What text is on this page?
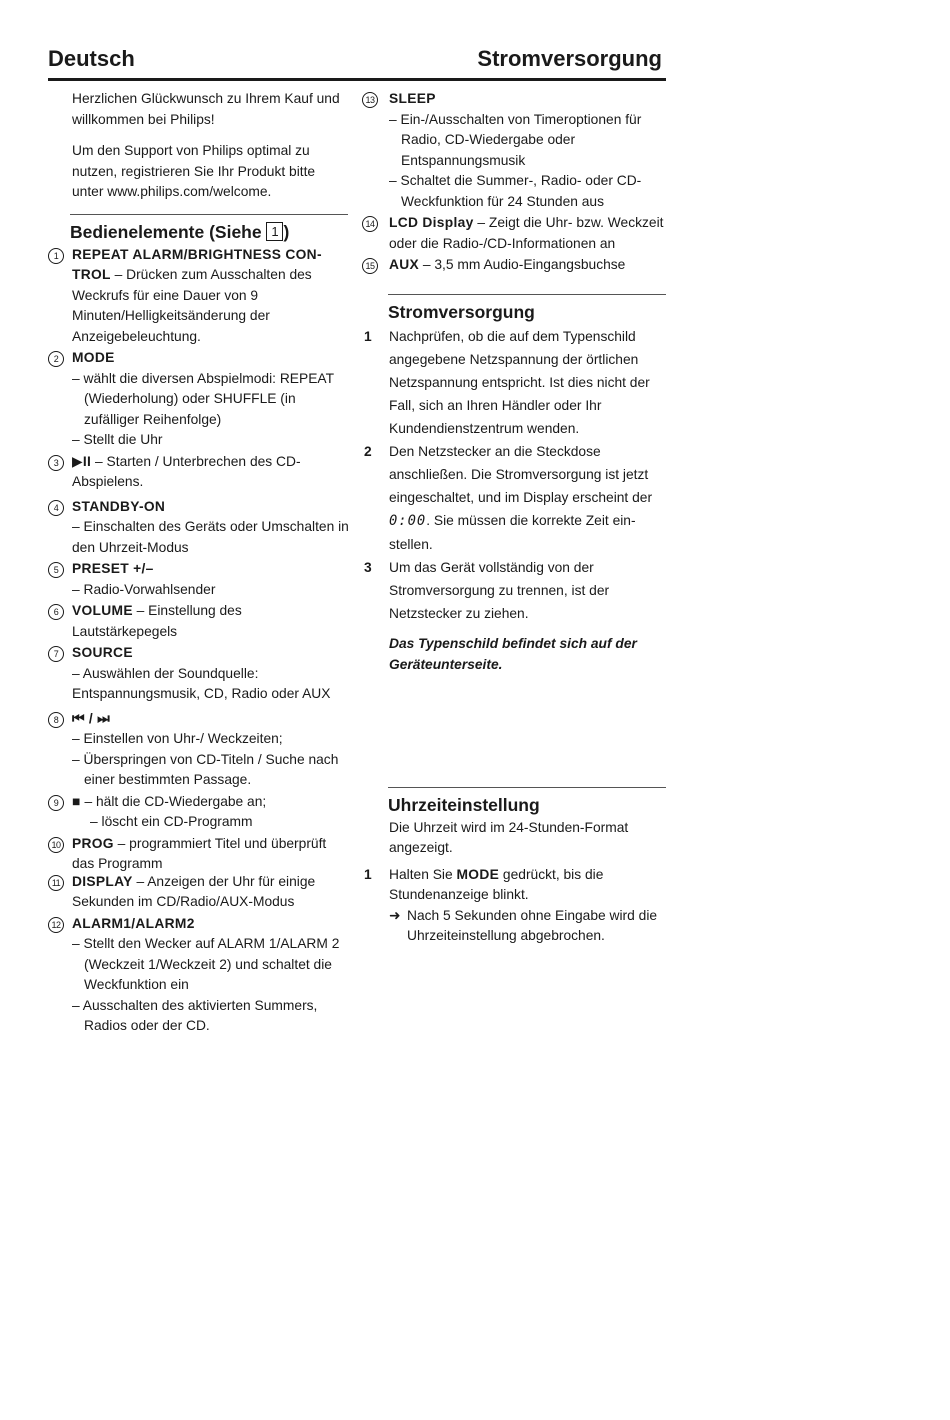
Deutsch	Stromversorgung

Herzlichen Glückwunsch zu Ihrem Kauf und willkommen bei Philips!

Um den Support von Philips optimal zu nutzen, registrieren Sie Ihr Produkt bitte unter www.philips.com/welcome.

Bedienelemente (Siehe 1 )
1 REPEAT ALARM/BRIGHTNESS CON-TROL – Drücken zum Ausschalten des Weckrufs für eine Dauer von 9 Minuten/Helligkeitsänderung der Anzeigebeleuchtung.

2 MODE

– wählt die diversen Abspielmodi: REPEAT (Wiederholung) oder SHUFFLE (in zufälliger Reihenfolge)

– Stellt die Uhr

3 ▶II – Starten / Unterbrechen des CD-Abspielens.

4 STANDBY-ON

– Einschalten des Geräts oder Umschalten in den Uhrzeit-Modus

5 PRESET +/–

– Radio-Vorwahlsender

6 VOLUME – Einstellung des Lautstärkepegels

7 SOURCE

– Auswählen der Soundquelle: Entspannungsmusik, CD, Radio oder AUX

8 ⏮ / ⏭

– Einstellen von Uhr-/ Weckzeiten;

– Überspringen von CD-Titeln / Suche nach einer bestimmten Passage.

9 ■ – hält die CD-Wiedergabe an;

– löscht ein CD-Programm

10 PROG – programmiert Titel und überprüft das Programm

11 DISPLAY – Anzeigen der Uhr für einige Sekunden im CD/Radio/AUX-Modus

12 ALARM1/ALARM2

– Stellt den Wecker auf ALARM 1/ALARM 2 (Weckzeit 1/Weckzeit 2) und schaltet die Weckfunktion ein

– Ausschalten des aktivierten Summers, Radios oder der CD.

13 SLEEP

– Ein-/Ausschalten von Timeroptionen für Radio, CD-Wiedergabe oder Entspannungsmusik

– Schaltet die Summer-, Radio- oder CD-Weckfunktion für 24 Stunden aus

14 LCD Display – Zeigt die Uhr- bzw. Weckzeit oder die Radio-/CD-Informationen an

15 AUX – 3,5 mm Audio-Eingangsbuchse

Stromversorgung
1 Nachprüfen, ob die auf dem Typenschild angegebene Netzspannung der örtlichen Netzspannung entspricht. Ist dies nicht der Fall, sich an Ihren Händler oder Ihr Kundendienstzentrum wenden.

2 Den Netzstecker an die Steckdose anschließen. Die Stromversorgung ist jetzt eingeschaltet, und im Display erscheint der 0:00. Sie müssen die korrekte Zeit ein-stellen.

3 Um das Gerät vollständig von der Stromversorgung zu trennen, ist der Netzstecker zu ziehen.

Das Typenschild befindet sich auf der Geräteunterseite.

Uhrzeiteinstellung

Die Uhrzeit wird im 24-Stunden-Format angezeigt.

1 Halten Sie MODE gedrückt, bis die Stundenanzeige blinkt.

➜ Nach 5 Sekunden ohne Eingabe wird die Uhrzeiteinstellung abgebrochen.
